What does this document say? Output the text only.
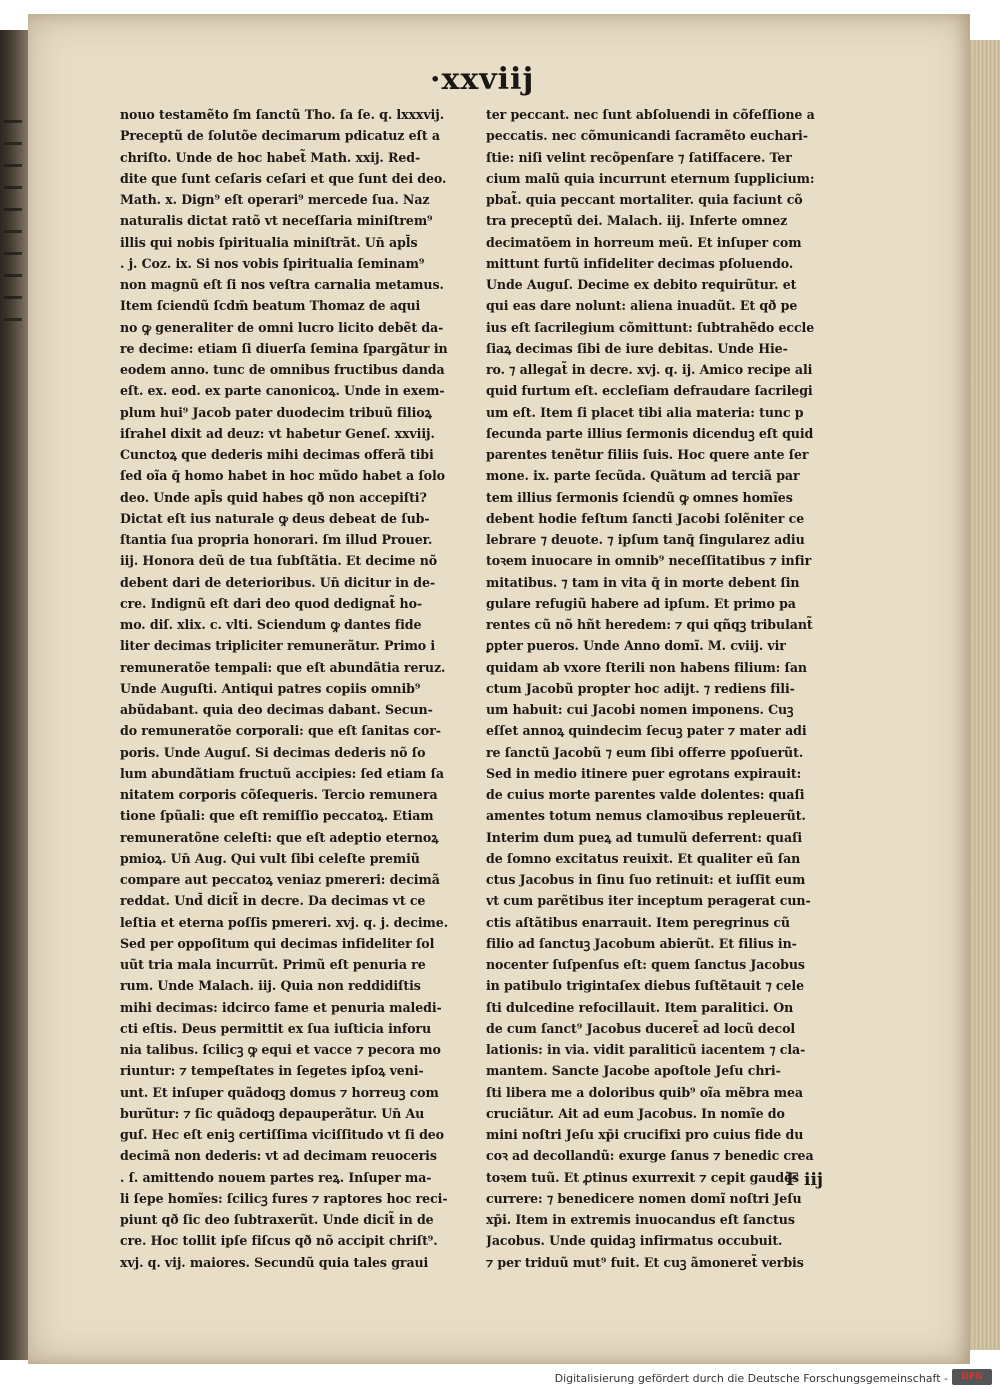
·xxviij
nouo testamẽto ſm ſanctũ Tho. ſa ſe. q. lxxxvij.
Preceptũ de ſolutõe decimarum pdicatuz eſt a
chriſto. Unde de hoc habet̃ Math. xxij. Red-
dite que ſunt ceſaris ceſari et que ſunt dei deo.
Math. x. Dign⁹ eſt operari⁹ mercede ſua. Naz
naturalis dictat ratõ vt neceſſaria miniſtrem⁹
illis qui nobis ſpiritualia miniſtrãt. Un̄ apl̄s
. j. Coz. ix. Si nos vobis ſpiritualia ſeminam⁹
non magnũ eſt ſi nos veſtra carnalia metamus.
Item ſciendũ ſcdm̄ beatum Thomaz de aqui
no ꝙ generaliter de omni lucro licito debẽt da-
re decime: etiam ſi diuerſa ſemina ſpargãtur in
eodem anno. tunc de omnibus fructibus danda
eſt. ex. eod. ex parte canonicoꝝ. Unde in exem-
plum hui⁹ Jacob pater duodecim tribuũ filioꝝ
iſrahel dixit ad deuz: vt habetur Geneſ. xxviij.
Cunctoꝝ que dederis mihi decimas offerã tibi
ſed oĩa q̄ homo habet in hoc mũdo habet a ſolo
deo. Unde apl̄s quid habes qð non accepiſti?
Dictat eſt ius naturale ꝙ deus debeat de ſub-
ſtantia ſua propria honorari. ſm illud Prouer.
iij. Honora deũ de tua ſubſtãtia. Et decime nõ
debent dari de deterioribus. Un̄ dicitur in de-
cre. Indignũ eſt dari deo quod dedignat̃ ho-
mo. diſ. xlix. c. vlti. Sciendum ꝙ dantes fide
liter decimas tripliciter remunerãtur. Primo i
remuneratõe tempali: que eſt abundãtia reruz.
Unde Auguſti. Antiqui patres copiis omnib⁹
abũdabant. quia deo decimas dabant. Secun-
do remuneratõe corporali: que eſt ſanitas cor-
poris. Unde Auguſ. Si decimas dederis nõ ſo
lum abundãtiam fructuũ accipies: ſed etiam ſa
nitatem corporis cõſequeris. Tercio remunera
tione ſpũali: que eſt remiſſio peccatoꝝ. Etiam
remuneratõne celeſti: que eſt adeptio eternoꝝ
pmioꝝ. Un̄ Aug. Qui vult ſibi celeſte premiũ
compare aut peccatoꝝ veniaz pmereri: decimã
reddat. Und̄ dicit̃ in decre. Da decimas vt ce
leſtia et eterna poſſis pmereri. xvj. q. j. decime.
Sed per oppoſitum qui decimas infideliter ſol
uũt tria mala incurrũt. Primũ eſt penuria re
rum. Unde Malach. iij. Quia non reddidiſtis
mihi decimas: idcirco fame et penuria maledi-
cti eſtis. Deus permittit ex ſua iuſticia inforu
nia talibus. ſcilicꝫ ꝙ equi et vacce ⁊ pecora mo
riuntur: ⁊ tempeſtates in ſegetes ipſoꝝ veni-
unt. Et inſuper quãdoqꝫ domus ⁊ horreuꝫ com
burũtur: ⁊ ſic quãdoqꝫ depauperãtur. Un̄ Au
guſ. Hec eſt eniꝫ certiſſima viciſſitudo vt ſi deo
decimã non dederis: vt ad decimam reuoceris
. ſ. amittendo nouem partes reꝝ. Inſuper ma-
li ſepe homĩes: ſcilicꝫ fures ⁊ raptores hoc reci-
piunt qð ſic deo ſubtraxerũt. Unde dicit̃ in de
cre. Hoc tollit ipſe fiſcus qð nõ accipit chriſt⁹.
xvj. q. vij. maiores. Secundũ quia tales graui
ter peccant. nec ſunt abſoluendi in cõfeſſione a
peccatis. nec cõmunicandi ſacramẽto euchari-
ſtie: niſi velint recõpenſare ⁊ ſatiſfacere. Ter
cium malũ quia incurrunt eternum ſupplicium:
pbat̃. quia peccant mortaliter. quia faciunt cõ
tra preceptũ dei. Malach. iij. Inferte omnez
decimatõem in horreum meũ. Et inſuper com
mittunt furtũ infideliter decimas pſoluendo.
Unde Auguſ. Decime ex debito requirũtur. et
qui eas dare nolunt: aliena inuadũt. Et qð pe
ius eſt ſacrilegium cõmittunt: ſubtrahẽdo eccle
ſiaꝝ decimas ſibi de iure debitas. Unde Hie-
ro. ⁊ allegat̃ in decre. xvj. q. ij. Amico recipe ali
quid furtum eſt. eccleſiam defraudare ſacrilegi
um eſt. Item ſi placet tibi alia materia: tunc p
ſecunda parte illius ſermonis dicenduꝫ eſt quid
parentes tenẽtur filiis ſuis. Hoc quere ante ſer
mone. ix. parte ſecũda. Quãtum ad terciã par
tem illius ſermonis ſciendũ ꝙ omnes homĩes
debent hodie feſtum ſancti Jacobi ſolẽniter ce
lebrare ⁊ deuote. ⁊ ipſum tanq̄ ſingularez adiu
toꝛem inuocare in omnib⁹ neceſſitatibus ⁊ infir
mitatibus. ⁊ tam in vita q̄ in morte debent ſin
gulare refugiũ habere ad ipſum. Et primo pa
rentes cũ nõ hñt heredem: ⁊ qui qñqꝫ tribulant̃
ꝑpter pueros. Unde Anno domĩ. M. cviij. vir
quidam ab vxore ſterili non habens filium: ſan
ctum Jacobũ propter hoc adijt. ⁊ rediens fili-
um habuit: cui Jacobi nomen imponens. Cuꝫ
eſſet annoꝝ quindecim ſecuꝫ pater ⁊ mater adi
re ſanctũ Jacobũ ⁊ eum ſibi offerre pꝑoſuerũt.
Sed in medio itinere puer egrotans expirauit:
de cuius morte parentes valde dolentes: quaſi
amentes totum nemus clamoꝛibus repleuerũt.
Interim dum pueꝝ ad tumulũ deferrent: quaſi
de ſomno excitatus reuixit. Et qualiter eũ ſan
ctus Jacobus in ſinu ſuo retinuit: et iuſſit eum
vt cum parẽtibus iter inceptum peragerat cun-
ctis aſtãtibus enarrauit. Item peregrinus cũ
filio ad ſanctuꝫ Jacobum abierũt. Et filius in-
nocenter ſuſpenſus eſt: quem ſanctus Jacobus
in patibulo trigintaſex diebus ſuſtẽtauit ⁊ cele
ſti dulcedine refocillauit. Item paralitici. On
de cum ſanct⁹ Jacobus duceret̃ ad locũ decol
lationis: in via. vidit paraliticũ iacentem ⁊ cla-
mantem. Sancte Jacobe apoſtole Jeſu chri-
ſti libera me a doloribus quib⁹ oĩa mẽbra mea
cruciãtur. Ait ad eum Jacobus. In nomĩe do
mini noſtri Jeſu xp̄i crucifixi pro cuius fide du
coꝛ ad decollandũ: exurge ſanus ⁊ benedic crea
toꝛem tuũ. Et ꝓtinus exurrexit ⁊ cepit gaudẽs
currere: ⁊ benedicere nomen domĩ noſtri Jeſu
xp̄i. Item in extremis inuocandus eſt ſanctus
Jacobus. Unde quidaꝫ infirmatus occubuit.
⁊ per triduũ mut⁹ fuit. Et cuꝫ ãmoneret̃ verbis
F iij
Digitalisierung gefördert durch die Deutsche Forschungsgemeinschaft -	DFG
